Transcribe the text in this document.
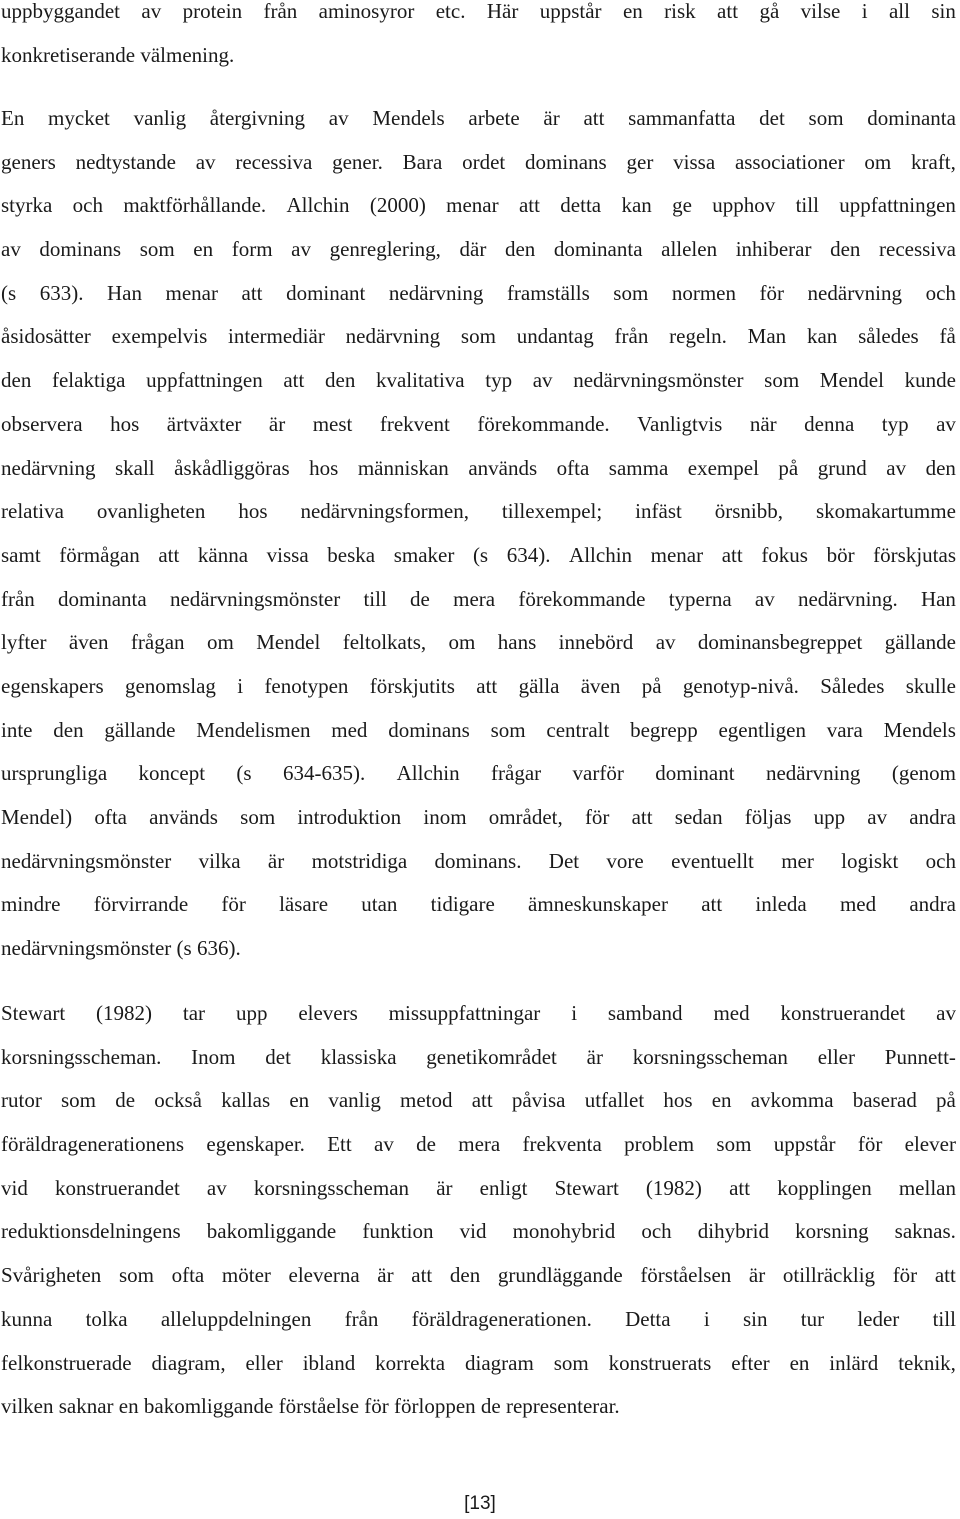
uppbyggandet av protein från aminosyror etc. Här uppstår en risk att gå vilse i all sin
konkretiserande välmening.
En mycket vanlig återgivning av Mendels arbete är att sammanfatta det som dominanta
geners nedtystande av recessiva gener. Bara ordet dominans ger vissa associationer om kraft,
styrka och maktförhållande. Allchin (2000) menar att detta kan ge upphov till uppfattningen
av dominans som en form av genreglering, där den dominanta allelen inhiberar den recessiva
(s 633). Han menar att dominant nedärvning framställs som normen för nedärvning och
åsidosätter exempelvis intermediär nedärvning som undantag från regeln. Man kan således få
den felaktiga uppfattningen att den kvalitativa typ av nedärvningsmönster som Mendel kunde
observera hos ärtväxter är mest frekvent förekommande. Vanligtvis när denna typ av
nedärvning skall åskådliggöras hos människan används ofta samma exempel på grund av den
relativa ovanligheten hos nedärvningsformen, tillexempel; infäst örsnibb, skomakartumme
samt förmågan att känna vissa beska smaker (s 634). Allchin menar att fokus bör förskjutas
från dominanta nedärvningsmönster till de mera förekommande typerna av nedärvning. Han
lyfter även frågan om Mendel feltolkats, om hans innebörd av dominansbegreppet gällande
egenskapers genomslag i fenotypen förskjutits att gälla även på genotyp-nivå. Således skulle
inte den gällande Mendelismen med dominans som centralt begrepp egentligen vara Mendels
ursprungliga koncept (s 634-635). Allchin frågar varför dominant nedärvning (genom
Mendel) ofta används som introduktion inom området, för att sedan följas upp av andra
nedärvningsmönster vilka är motstridiga dominans. Det vore eventuellt mer logiskt och
mindre förvirrande för läsare utan tidigare ämneskunskaper att inleda med andra
nedärvningsmönster (s 636).
Stewart (1982) tar upp elevers missuppfattningar i samband med konstruerandet av
korsningsscheman. Inom det klassiska genetikområdet är korsningsscheman eller Punnett-
rutor som de också kallas en vanlig metod att påvisa utfallet hos en avkomma baserad på
föräldragenerationens egenskaper. Ett av de mera frekventa problem som uppstår för elever
vid konstruerandet av korsningsscheman är enligt Stewart (1982) att kopplingen mellan
reduktionsdelningens bakomliggande funktion vid monohybrid och dihybrid korsning saknas.
Svårigheten som ofta möter eleverna är att den grundläggande förståelsen är otillräcklig för att
kunna tolka alleluppdelningen från föräldragenerationen. Detta i sin tur leder till
felkonstruerade diagram, eller ibland korrekta diagram som konstruerats efter en inlärd teknik,
vilken saknar en bakomliggande förståelse för förloppen de representerar.
[13]
